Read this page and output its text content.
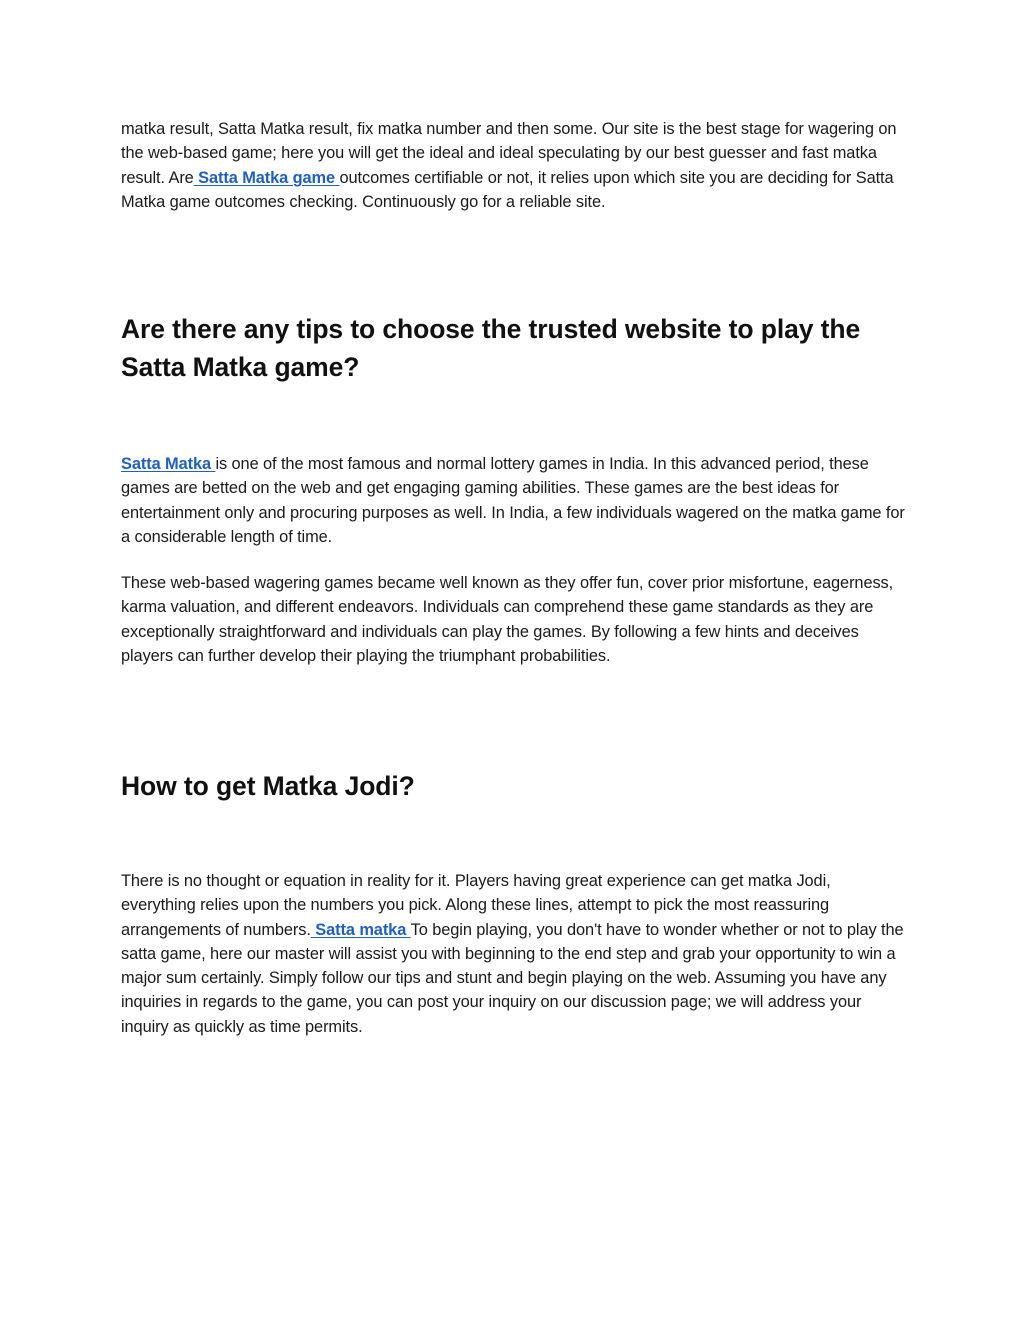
matka result, Satta Matka result, fix matka number and then some. Our site is the best stage for wagering on the web-based game; here you will get the ideal and ideal speculating by our best guesser and fast matka result. Are Satta Matka game outcomes certifiable or not, it relies upon which site you are deciding for Satta Matka game outcomes checking. Continuously go for a reliable site.

Are there any tips to choose the trusted website to play the Satta Matka game?

Satta Matka is one of the most famous and normal lottery games in India. In this advanced period, these games are betted on the web and get engaging gaming abilities. These games are the best ideas for entertainment only and procuring purposes as well. In India, a few individuals wagered on the matka game for a considerable length of time.

These web-based wagering games became well known as they offer fun, cover prior misfortune, eagerness, karma valuation, and different endeavors. Individuals can comprehend these game standards as they are exceptionally straightforward and individuals can play the games. By following a few hints and deceives players can further develop their playing the triumphant probabilities.

How to get Matka Jodi?

There is no thought or equation in reality for it. Players having great experience can get matka Jodi, everything relies upon the numbers you pick. Along these lines, attempt to pick the most reassuring arrangements of numbers. Satta matka To begin playing, you don't have to wonder whether or not to play the satta game, here our master will assist you with beginning to the end step and grab your opportunity to win a major sum certainly. Simply follow our tips and stunt and begin playing on the web. Assuming you have any inquiries in regards to the game, you can post your inquiry on our discussion page; we will address your inquiry as quickly as time permits.
